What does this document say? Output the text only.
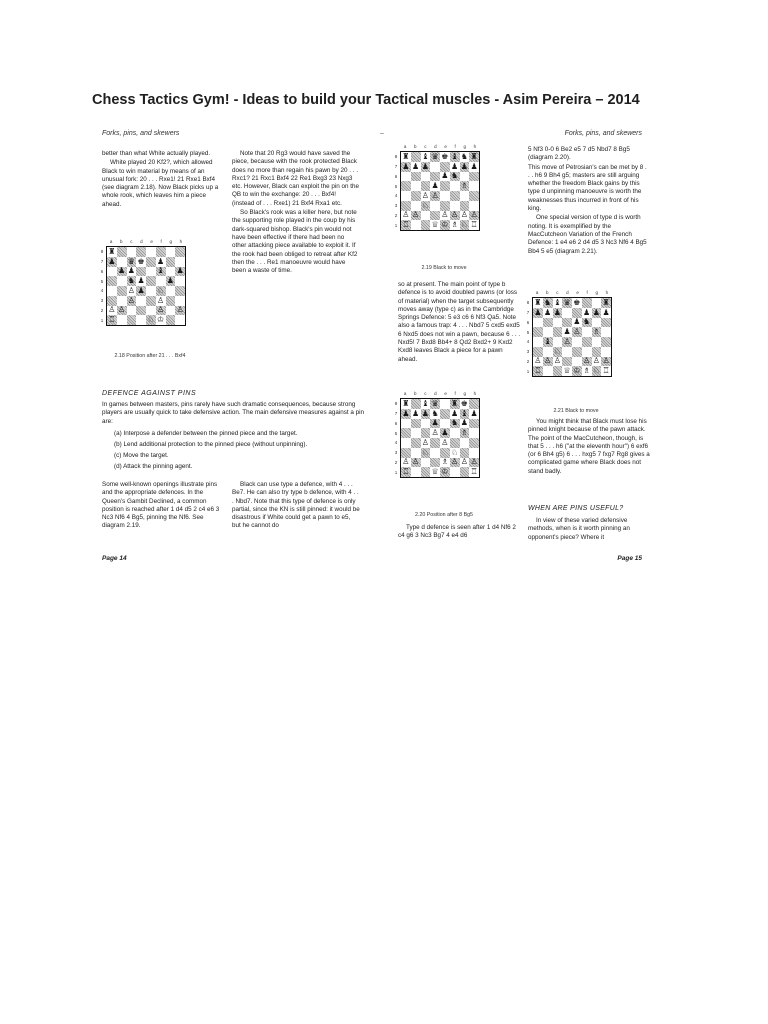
Chess Tactics Gym! - Ideas to build your Tactical muscles - Asim Pereira – 2014
Forks, pins, and skewers	–	Forks, pins, and skewers

better than what White actually played.

White played 20 Kf2?, which allowed Black to win material by means of an unusual fork: 20 . . . Rxe1! 21 Rxe1 Bxf4 (see diagram 2.18). Now Black picks up a whole rook, which leaves him a piece ahead.

Note that 20 Rg3 would have saved the piece, because with the rook protected Black does no more than regain his pawn by 20 . . . Rxc1? 21 Rxc1 Bxf4 22 Re1 Bxg3 23 Nxg3 etc. However, Black can exploit the pin on the QB to win the exchange: 20 . . . Bxf4! (instead of . . . Rxe1) 21 Bxf4 Rxa1 etc.

So Black's rook was a killer here, but note the supporting role played in the coup by his dark-squared bishop. Black's pin would not have been effective if there had been no other attacking piece available to exploit it. If the rook had been obliged to retreat after Kf2 then the . . . Re1 manoeuvre would have been a waste of time.

a b c d e f g h
8
7
6
5
4
3
2
1
♜
♟ ♛ ♚ ♟
♟ ♟	♝ ♟
♞ ♟	♟
♙ ♟ ♘
♙	♙
♙ ♙	♙ ♙
♖	♘ ♔
2.18 Position after 21 . . . Bxf4
DEFENCE AGAINST PINS
In games between masters, pins rarely have such dramatic consequences, because strong players are usually quick to take defensive action. The main defensive measures against a pin are:
(a) Interpose a defender between the pinned piece and the target.
(b) Lend additional protection to the pinned piece (without unpinning).
(c) Move the target.
(d) Attack the pinning agent.

Some well-known openings illustrate pins and the appropriate defences. In the Queen's Gambit Declined, a common position is reached after 1 d4 d5 2 c4 e6 3 Nc3 Nf6 4 Bg5, pinning the Nf6. See diagram 2.19.

Black can use type a defence, with 4 . . . Be7. He can also try type b defence, with 4 . . . Nbd7. Note that this type of defence is only partial, since the KN is still pinned: it would be disastrous if White could get a pawn to e5, but he cannot do

Page 14
a b c d e f g h
8
7
6
5
4
3
2
1
♜ ♝ ♛ ♚ ♝ ♞ ♜
♟ ♟ ♟	♟ ♟ ♟
♟ ♞
♟	♗
♙ ♙
♘
♙ ♙	♙ ♙ ♙ ♙
♖	♕ ♔ ♗ ♘ ♖
2.19 Black to move

so at present. The main point of type b defence is to avoid doubled pawns (or loss of material) when the target subsequently moves away (type c) as in the Cambridge Springs Defence: 5 e3 c6 6 Nf3 Qa5. Note also a famous trap: 4 . . . Nbd7 5 cxd5 exd5 6 Nxd5 does not win a pawn, because 6 . . . Nxd5! 7 Bxd8 Bb4+ 8 Qd2 Bxd2+ 9 Kxd2 Kxd8 leaves Black a piece for a pawn ahead.

a b c d e f g h
8
7
6
5
4
3
2
1
♜ ♝ ♛ ♜ ♚
♟ ♟ ♟ ♞ ♟ ♝ ♟
♟ ♞ ♟
♙ ♟ ♗
♙ ♙
♘	♘
♙ ♙	♗ ♙ ♙ ♙
♖	♕ ♔	♖
2.20 Position after 8 Bg5

Type d defence is seen after 1 d4 Nf6 2 c4 g6 3 Nc3 Bg7 4 e4 d6

5 Nf3 0-0 6 Be2 e5 7 d5 Nbd7 8 Bg5 (diagram 2.20).

This move of Petrosian's can be met by 8 . . . h6 9 Bh4 g5; masters are still arguing whether the freedom Black gains by this type d unpinning manoeuvre is worth the weaknesses thus incurred in front of his king.

One special version of type d is worth noting. It is exemplified by the MacCutcheon Variation of the French Defence: 1 e4 e6 2 d4 d5 3 Nc3 Nf6 4 Bg5 Bb4 5 e5 (diagram 2.21).

a b c d e f g h
8
7
6
5
4
3
2
1
♜ ♞ ♝ ♛ ♚	♜
♟ ♟ ♟	♟ ♟ ♟
♟ ♞
♟ ♙ ♗
♝ ♙
♘
♙ ♙ ♙	♙ ♙ ♙
♖	♕ ♔ ♗ ♘ ♖
2.21 Black to move

You might think that Black must lose his pinned knight because of the pawn attack. The point of the MacCutcheon, though, is that 5 . . . h6 ("at the eleventh hour") 6 exf6 (or 6 Bh4 g5) 6 . . . hxg5 7 fxg7 Rg8 gives a complicated game where Black does not stand badly.

WHEN ARE PINS USEFUL?

In view of these varied defensive methods, when is it worth pinning an opponent's piece? Where it

Page 15
